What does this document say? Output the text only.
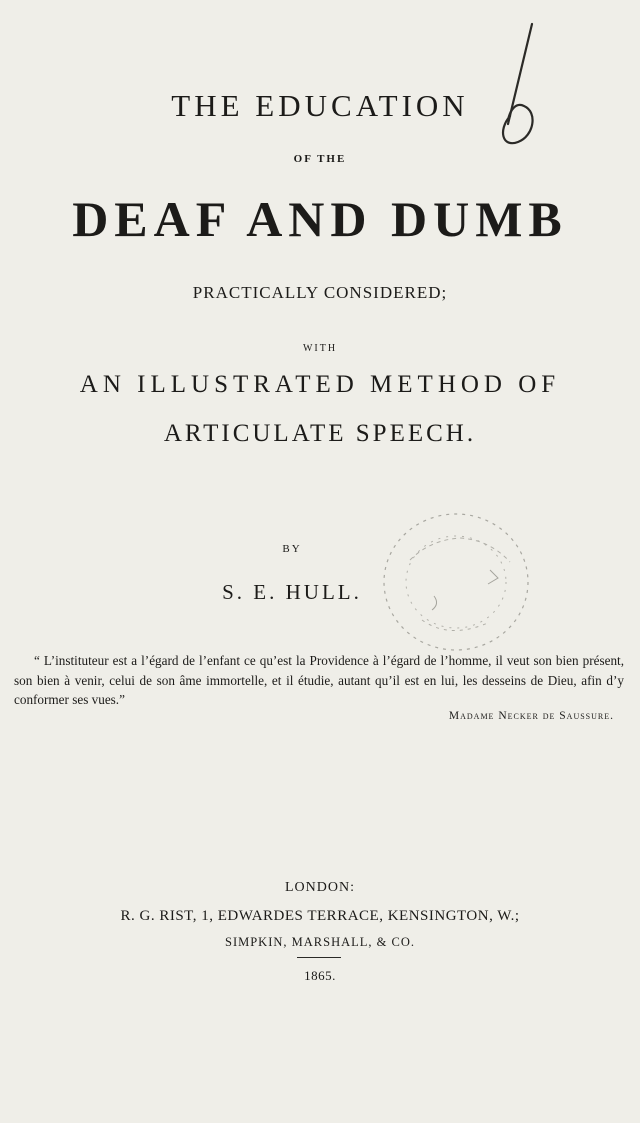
THE EDUCATION
OF THE
DEAF AND DUMB
PRACTICALLY CONSIDERED;
WITH
AN ILLUSTRATED METHOD OF
ARTICULATE SPEECH.
BY
S. E. HULL.
“ L’instituteur est a l’égard de l’enfant ce qu’est la Providence à l’égard de l’homme, il veut son bien présent, son bien à venir, celui de son âme immortelle, et il étudie, autant qu’il est en lui, les desseins de Dieu, afin d’y conformer ses vues.”
Madame Necker de Saussure.
LONDON:
R. G. RIST, 1, EDWARDES TERRACE, KENSINGTON, W.;
SIMPKIN, MARSHALL, & CO.
1865.
